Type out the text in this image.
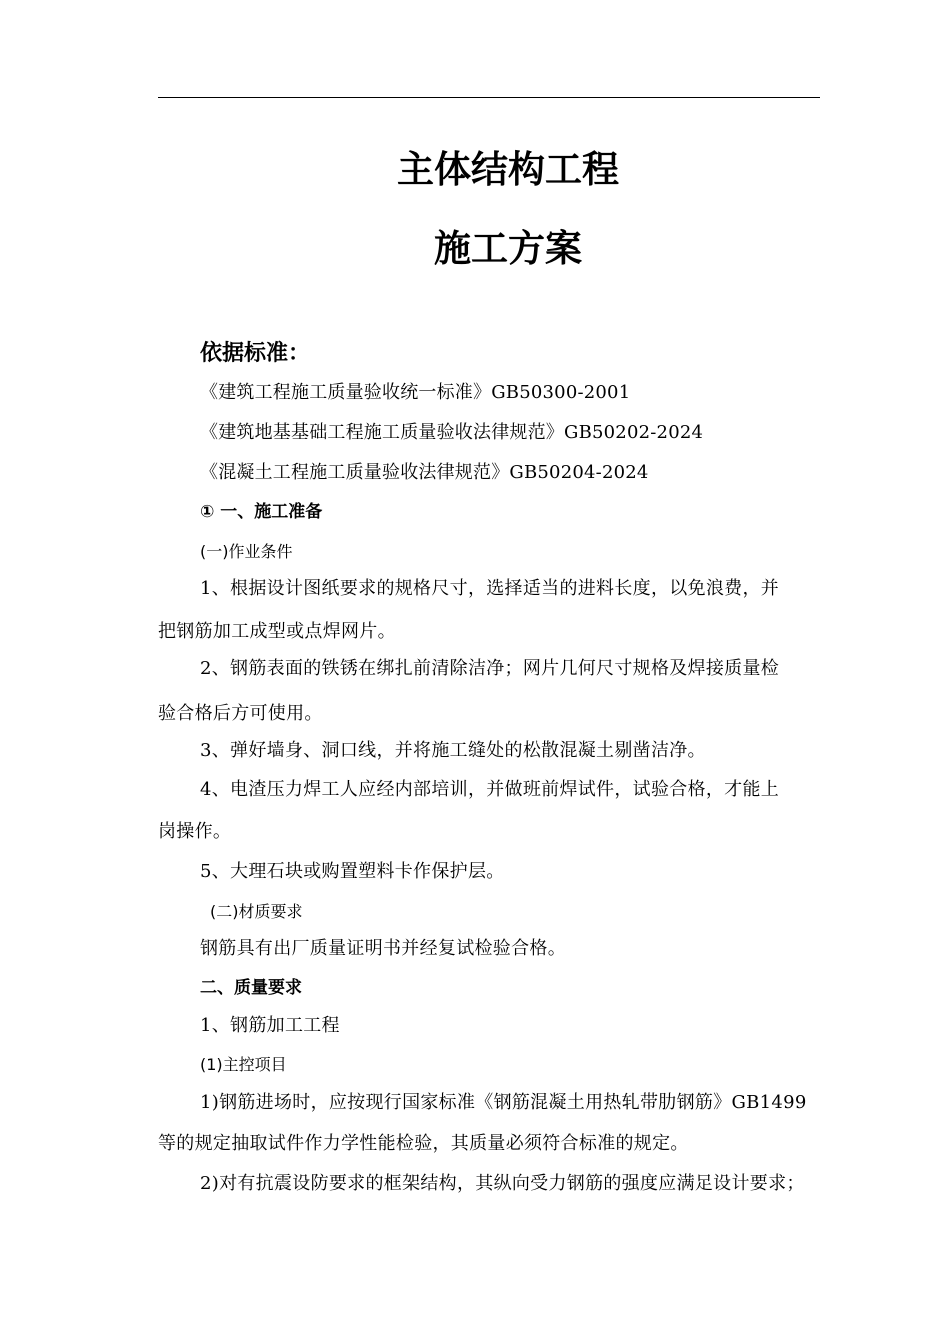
主体结构工程
施工方案
依据标准：
《建筑工程施工质量验收统一标准》GB50300-2001
《建筑地基基础工程施工质量验收法律规范》GB50202-2024
《混凝土工程施工质量验收法律规范》GB50204-2024
① 一、施工准备
(一)作业条件
1、根据设计图纸要求的规格尺寸，选择适当的进料长度，以免浪费，并
把钢筋加工成型或点焊网片。
2、钢筋表面的铁锈在绑扎前清除洁净；网片几何尺寸规格及焊接质量检
验合格后方可使用。
3、弹好墙身、洞口线，并将施工缝处的松散混凝土剔凿洁净。
4、电渣压力焊工人应经内部培训，并做班前焊试件，试验合格，才能上
岗操作。
5、大理石块或购置塑料卡作保护层。
(二)材质要求
钢筋具有出厂质量证明书并经复试检验合格。
二、质量要求
1、钢筋加工工程
(1)主控项目
1)钢筋进场时，应按现行国家标准《钢筋混凝土用热轧带肋钢筋》GB1499
等的规定抽取试件作力学性能检验，其质量必须符合标准的规定。
2)对有抗震设防要求的框架结构，其纵向受力钢筋的强度应满足设计要求；
